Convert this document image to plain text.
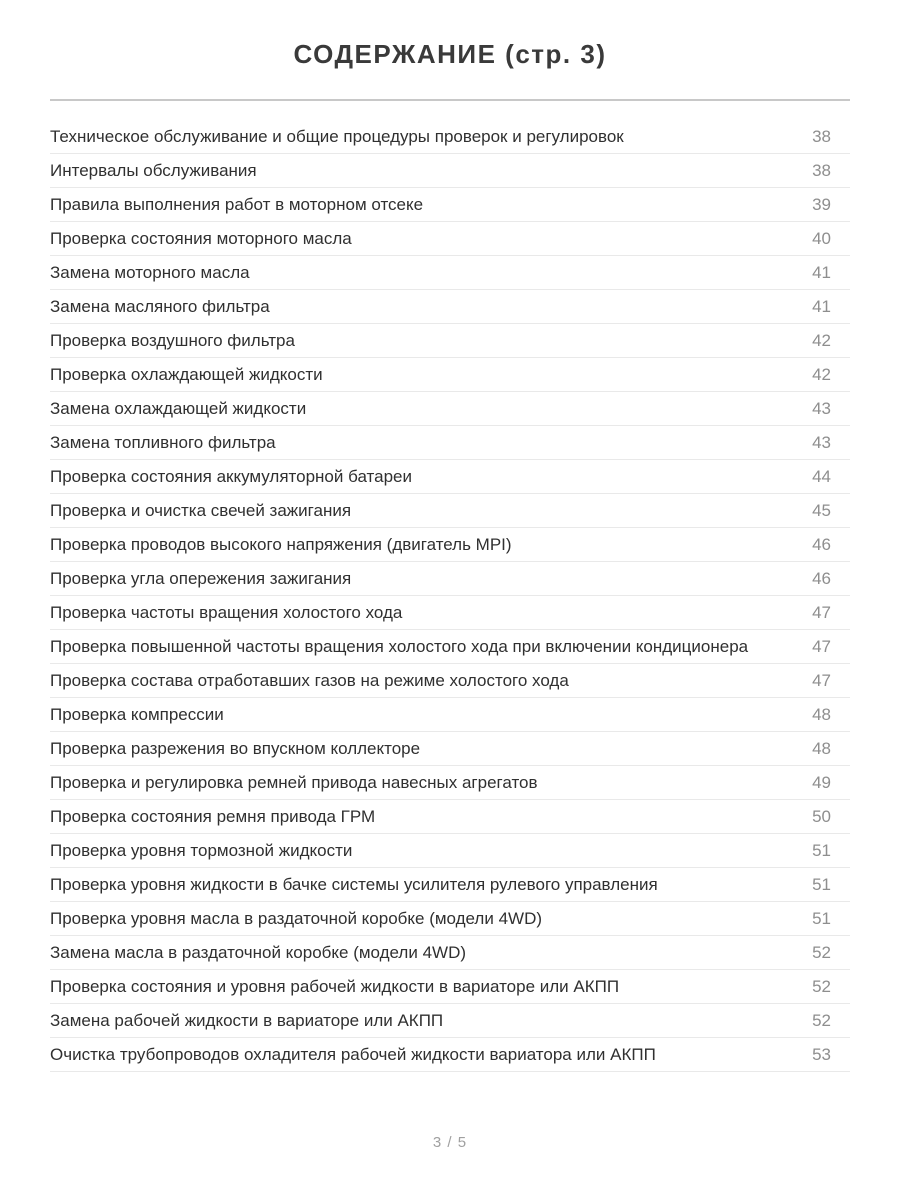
СОДЕРЖАНИЕ (стр. 3)
Техническое обслуживание и общие процедуры проверок и регулировок	38
Интервалы обслуживания	38
Правила выполнения работ в моторном отсеке	39
Проверка состояния моторного масла	40
Замена моторного масла	41
Замена масляного фильтра	41
Проверка воздушного фильтра	42
Проверка охлаждающей жидкости	42
Замена охлаждающей жидкости	43
Замена топливного фильтра	43
Проверка состояния аккумуляторной батареи	44
Проверка и очистка свечей зажигания	45
Проверка проводов высокого напряжения (двигатель MPI)	46
Проверка угла опережения зажигания	46
Проверка частоты вращения холостого хода	47
Проверка повышенной частоты вращения холостого хода при включении кондиционера	47
Проверка состава отработавших газов на режиме холостого хода	47
Проверка компрессии	48
Проверка разрежения во впускном коллекторе	48
Проверка и регулировка ремней привода навесных агрегатов	49
Проверка состояния ремня привода ГРМ	50
Проверка уровня тормозной жидкости	51
Проверка уровня жидкости в бачке системы усилителя рулевого управления	51
Проверка уровня масла в раздаточной коробке (модели 4WD)	51
Замена масла в раздаточной коробке (модели 4WD)	52
Проверка состояния и уровня рабочей жидкости в вариаторе или АКПП	52
Замена рабочей жидкости в вариаторе или АКПП	52
Очистка трубопроводов охладителя рабочей жидкости вариатора или АКПП	53
3 / 5
